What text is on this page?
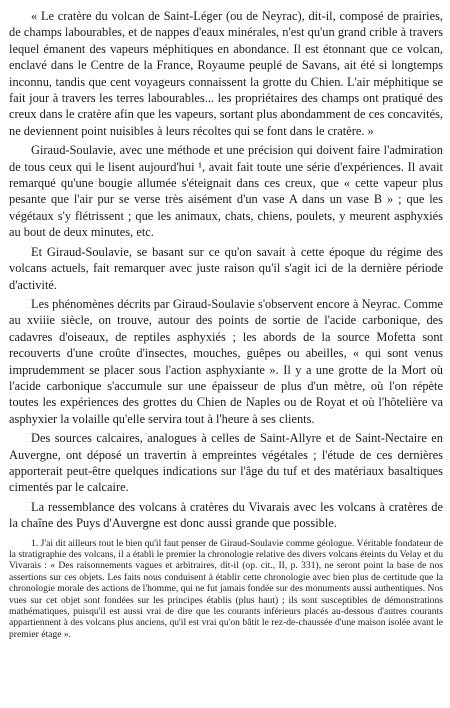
« Le cratère du volcan de Saint-Léger (ou de Neyrac), dit-il, composé de prairies, de champs labourables, et de nappes d'eaux minérales, n'est qu'un grand crible à travers lequel émanent des vapeurs méphitiques en abondance. Il est étonnant que ce volcan, enclavé dans le Centre de la France, Royaume peuplé de Savans, ait été si longtemps inconnu, tandis que cent voyageurs connaissent la grotte du Chien. L'air méphitique se fait jour à travers les terres labourables... les propriétaires des champs ont pratiqué des creux dans le cratère afin que les vapeurs, sortant plus abondamment de ces concavités, ne deviennent point nuisibles à leurs récoltes qui se font dans le cratère. »

Giraud-Soulavie, avec une méthode et une précision qui doivent faire l'admiration de tous ceux qui le lisent aujourd'hui ¹, avait fait toute une série d'expériences. Il avait remarqué qu'une bougie allumée s'éteignait dans ces creux, que « cette vapeur plus pesante que l'air pur se verse très aisément d'un vase A dans un vase B » ; que les végétaux s'y flétrissent ; que les animaux, chats, chiens, poulets, y meurent asphyxiés au bout de deux minutes, etc.

Et Giraud-Soulavie, se basant sur ce qu'on savait à cette époque du régime des volcans actuels, fait remarquer avec juste raison qu'il s'agit ici de la dernière période d'activité.

Les phénomènes décrits par Giraud-Soulavie s'observent encore à Neyrac. Comme au xviiie siècle, on trouve, autour des points de sortie de l'acide carbonique, des cadavres d'oiseaux, de reptiles asphyxiés ; les abords de la source Mofetta sont recouverts d'une croûte d'insectes, mouches, guêpes ou abeilles, « qui sont venus imprudemment se placer sous l'action asphyxiante ». Il y a une grotte de la Mort où l'acide carbonique s'accumule sur une épaisseur de plus d'un mètre, où l'on répète toutes les expériences des grottes du Chien de Naples ou de Royat et où l'hôtelière va asphyxier la volaille qu'elle servira tout à l'heure à ses clients.

Des sources calcaires, analogues à celles de Saint-Allyre et de Saint-Nectaire en Auvergne, ont déposé un travertin à empreintes végétales ; l'étude de ces dernières apporterait peut-être quelques indications sur l'âge du tuf et des matériaux basaltiques cimentés par le calcaire.

La ressemblance des volcans à cratères du Vivarais avec les volcans à cratères de la chaîne des Puys d'Auvergne est donc aussi grande que possible.

1. J'ai dit ailleurs tout le bien qu'il faut penser de Giraud-Soulavie comme géologue. Véritable fondateur de la stratigraphie des volcans, il a établi le premier la chronologie relative des divers volcans éteints du Velay et du Vivarais : « Des raisonnements vagues et arbitraires, dit-il (op. cit., II, p. 331), ne seront point la base de nos assertions sur ces objets. Les faits nous conduisent à établir cette chronologie avec bien plus de certitude que la chronologie morale des actions de l'homme, qui ne fut jamais fondée sur des monuments aussi authentiques. Nos vues sur cet objet sont fondées sur les principes établis (plus haut) ; ils sont susceptibles de démonstrations mathématiques, puisqu'il est aussi vrai de dire que les courants inférieurs placés au-dessous d'autres courants appartiennent à des volcans plus anciens, qu'il est vrai qu'on bâtit le rez-de-chaussée d'une maison isolée avant le premier étage ».
